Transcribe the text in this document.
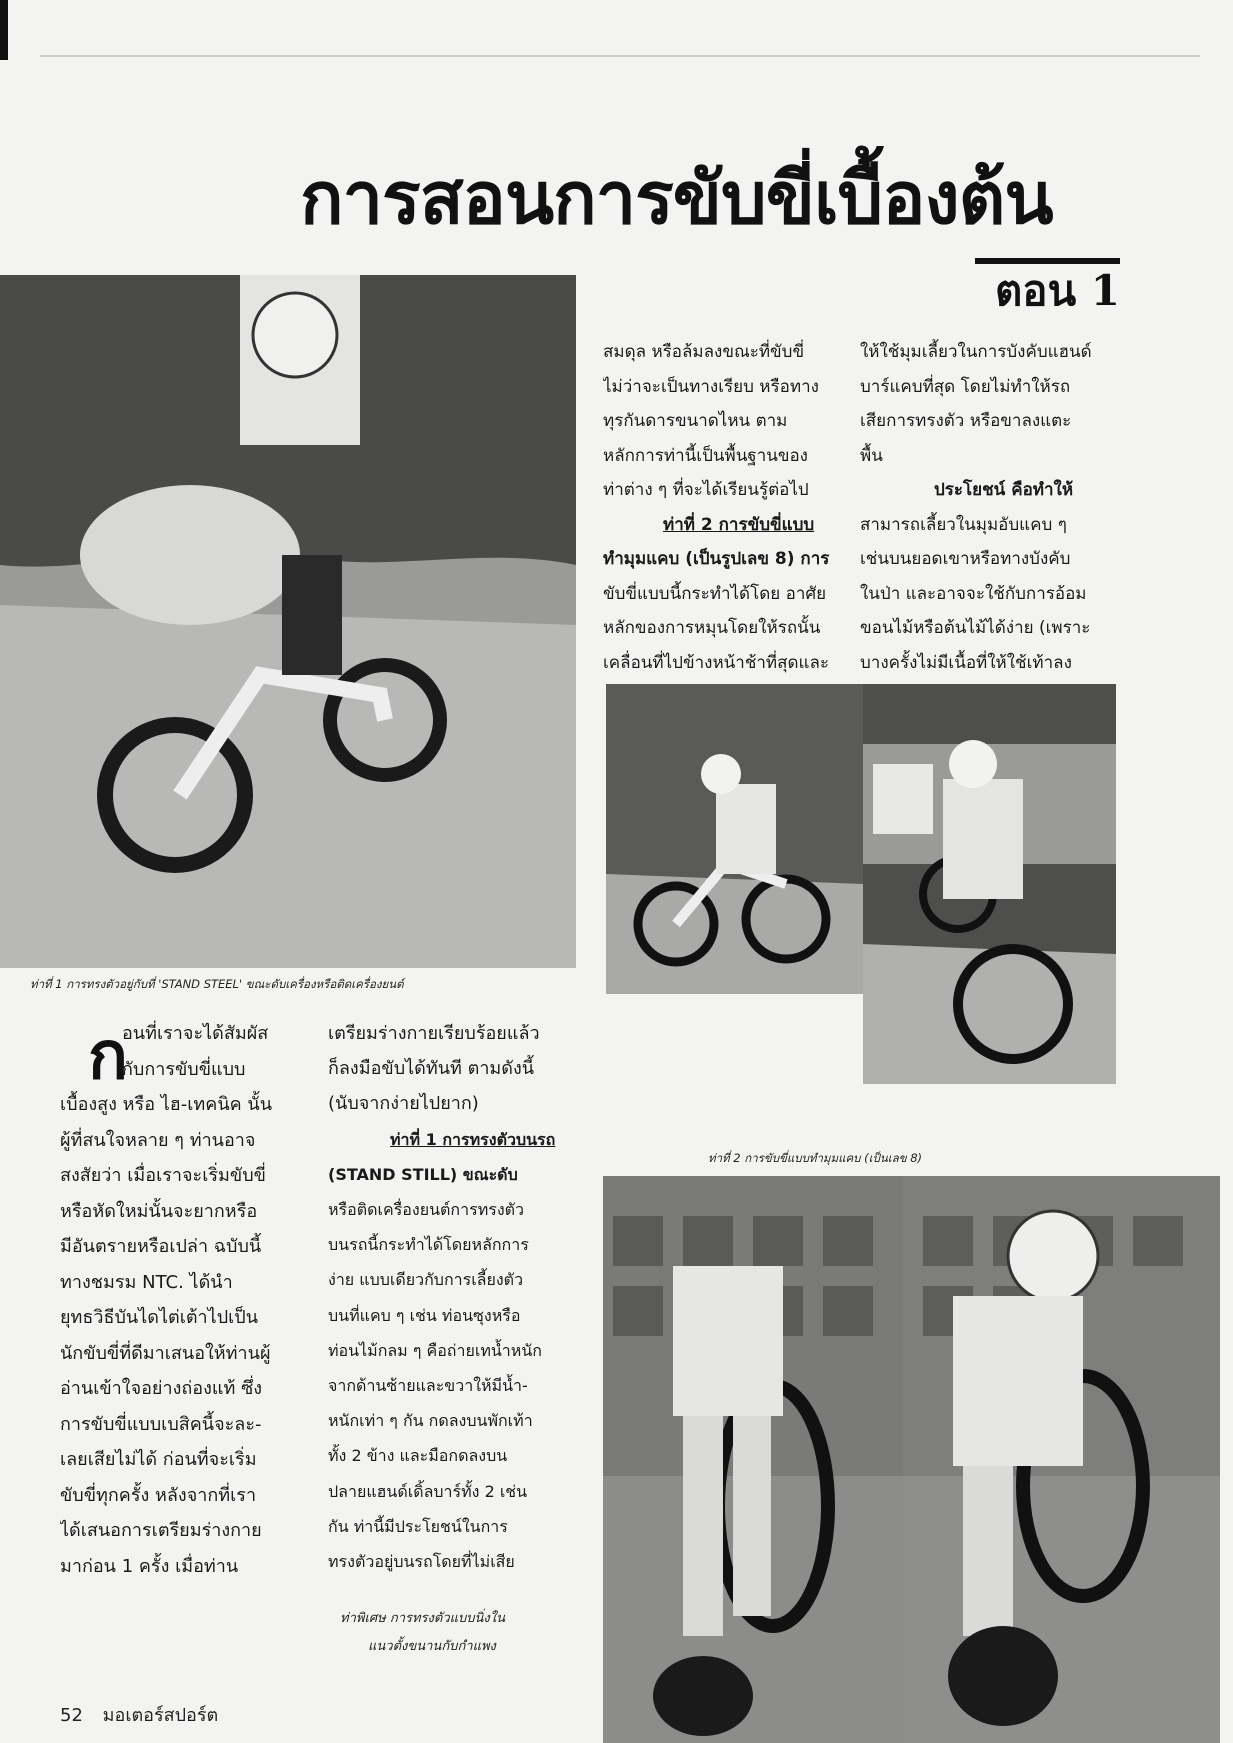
การสอนการขับขี่เบื้องต้น
ตอน 1
ท่าที่ 1 การทรงตัวอยู่กับที่ 'STAND STEEL' ขณะดับเครื่องหรือติดเครื่องยนต์
สมดุล หรือล้มลงขณะที่ขับขี่
ไม่ว่าจะเป็นทางเรียบ หรือทาง
ทุรกันดารขนาดไหน ตาม
หลักการท่านี้เป็นพื้นฐานของ
ท่าต่าง ๆ ที่จะได้เรียนรู้ต่อไป
ท่าที่ 2 การขับขี่แบบ
ทำมุมแคบ (เป็นรูปเลข 8) การ
ขับขี่แบบนี้กระทำได้โดย อาศัย
หลักของการหมุนโดยให้รถนั้น
เคลื่อนที่ไปข้างหน้าช้าที่สุดและ
ให้ใช้มุมเลี้ยวในการบังคับแฮนด์
บาร์แคบที่สุด โดยไม่ทำให้รถ
เสียการทรงตัว หรือขาลงแตะ
พื้น
ประโยชน์ คือทำให้
สามารถเลี้ยวในมุมอับแคบ ๆ
เช่นบนยอดเขาหรือทางบังคับ
ในป่า และอาจจะใช้กับการอ้อม
ขอนไม้หรือต้นไม้ได้ง่าย (เพราะ
บางครั้งไม่มีเนื้อที่ให้ใช้เท้าลง
ท่าที่ 2 การขับขี่แบบทำมุมแคบ (เป็นเลข 8)
ก
อนที่เราจะได้สัมผัส
กับการขับขี่แบบ
เบื้องสูง หรือ ไฮ-เทคนิค นั้น
ผู้ที่สนใจหลาย ๆ ท่านอาจ
สงสัยว่า เมื่อเราจะเริ่มขับขี่
หรือหัดใหม่นั้นจะยากหรือ
มีอันตรายหรือเปล่า ฉบับนี้
ทางชมรม NTC. ได้นำ
ยุทธวิธีบันไดไต่เต้าไปเป็น
นักขับขี่ที่ดีมาเสนอให้ท่านผู้
อ่านเข้าใจอย่างถ่องแท้ ซึ่ง
การขับขี่แบบเบสิคนี้จะละ-
เลยเสียไม่ได้ ก่อนที่จะเริ่ม
ขับขี่ทุกครั้ง หลังจากที่เรา
ได้เสนอการเตรียมร่างกาย
มาก่อน 1 ครั้ง เมื่อท่าน
เตรียมร่างกายเรียบร้อยแล้ว
ก็ลงมือขับได้ทันที ตามดังนี้
(นับจากง่ายไปยาก)
ท่าที่ 1 การทรงตัวบนรถ
(STAND STILL) ขณะดับ
หรือติดเครื่องยนต์การทรงตัว
บนรถนี้กระทำได้โดยหลักการ
ง่าย แบบเดียวกับการเลี้ยงตัว
บนที่แคบ ๆ เช่น ท่อนซุงหรือ
ท่อนไม้กลม ๆ คือถ่ายเทน้ำหนัก
จากด้านซ้ายและขวาให้มีน้ำ-
หนักเท่า ๆ กัน กดลงบนพักเท้า
ทั้ง 2 ข้าง และมือกดลงบน
ปลายแฮนด์เดิ้ลบาร์ทั้ง 2 เช่น
กัน ท่านี้มีประโยชน์ในการ
ทรงตัวอยู่บนรถโดยที่ไม่เสีย
ท่าพิเศษ การทรงตัวแบบนิ่งใน
แนวตั้งขนานกับกำแพง
52 มอเตอร์สปอร์ต
